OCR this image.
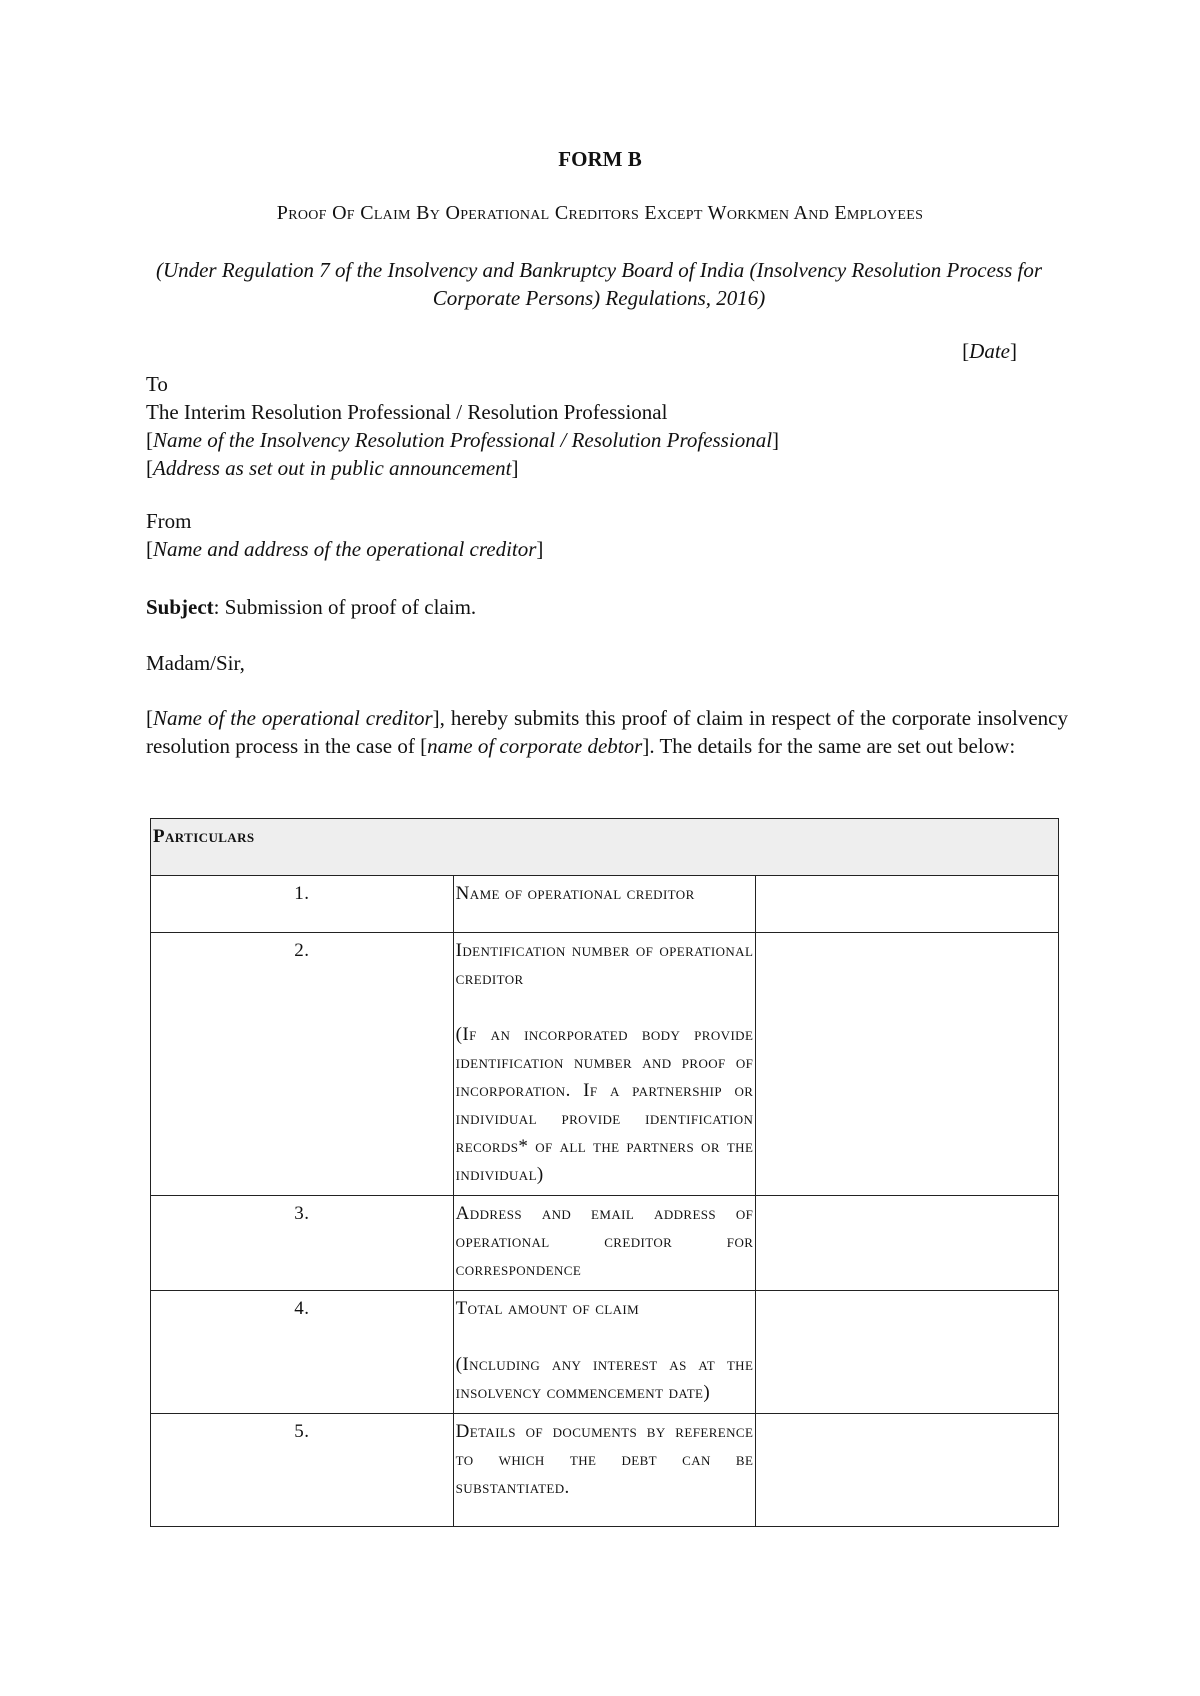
FORM B
Proof Of Claim By Operational Creditors Except Workmen And Employees
(Under Regulation 7 of the Insolvency and Bankruptcy Board of India (Insolvency Resolution Process for Corporate Persons) Regulations, 2016)
[Date]
To
The Interim Resolution Professional / Resolution Professional
[Name of the Insolvency Resolution Professional / Resolution Professional]
[Address as set out in public announcement]
From
[Name and address of the operational creditor]
Subject: Submission of proof of claim.
Madam/Sir,
[Name of the operational creditor], hereby submits this proof of claim in respect of the corporate insolvency resolution process in the case of [name of corporate debtor]. The details for the same are set out below:
Particulars		
1.	Name of operational creditor	
2.	Identification number of operational creditor
(If an incorporated body provide identification number and proof of incorporation. If a partnership or individual provide identification records* of all the partners or the individual)	

3.	Address and email address of operational creditor for correspondence	
4.	Total amount of claim
(Including any interest as at the insolvency commencement date)	

5.	Details of documents by reference to which the debt can be substantiated.	
